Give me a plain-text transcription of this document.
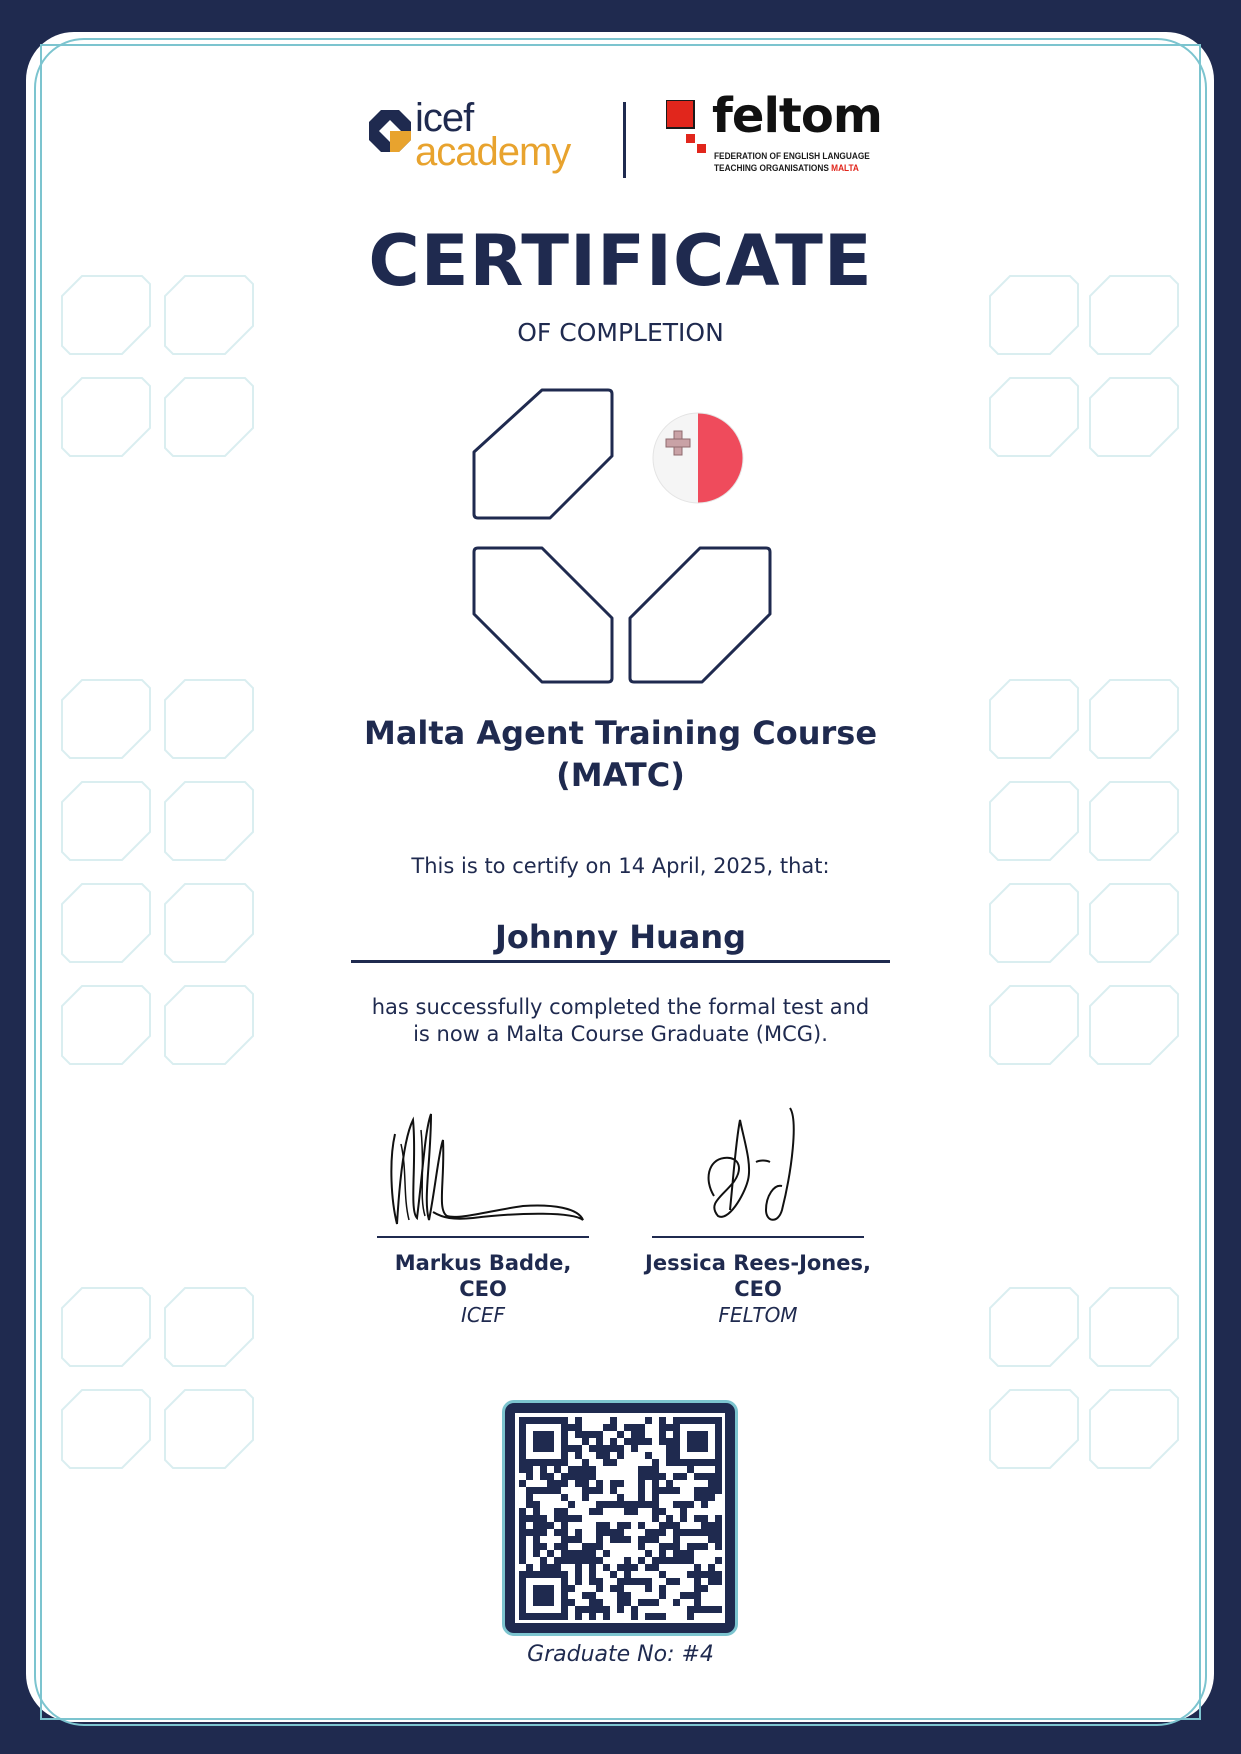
icef
academy
feltom
FEDERATION OF ENGLISH LANGUAGE
TEACHING ORGANISATIONS MALTA
CERTIFICATE
OF COMPLETION
Malta Agent Training Course
(MATC)
This is to certify on 14 April, 2025, that:
Johnny Huang
has successfully completed the formal test and
is now a Malta Course Graduate (MCG).
Markus Badde,
CEO
ICEF
Jessica Rees-Jones,
CEO
FELTOM
Graduate No: #4
